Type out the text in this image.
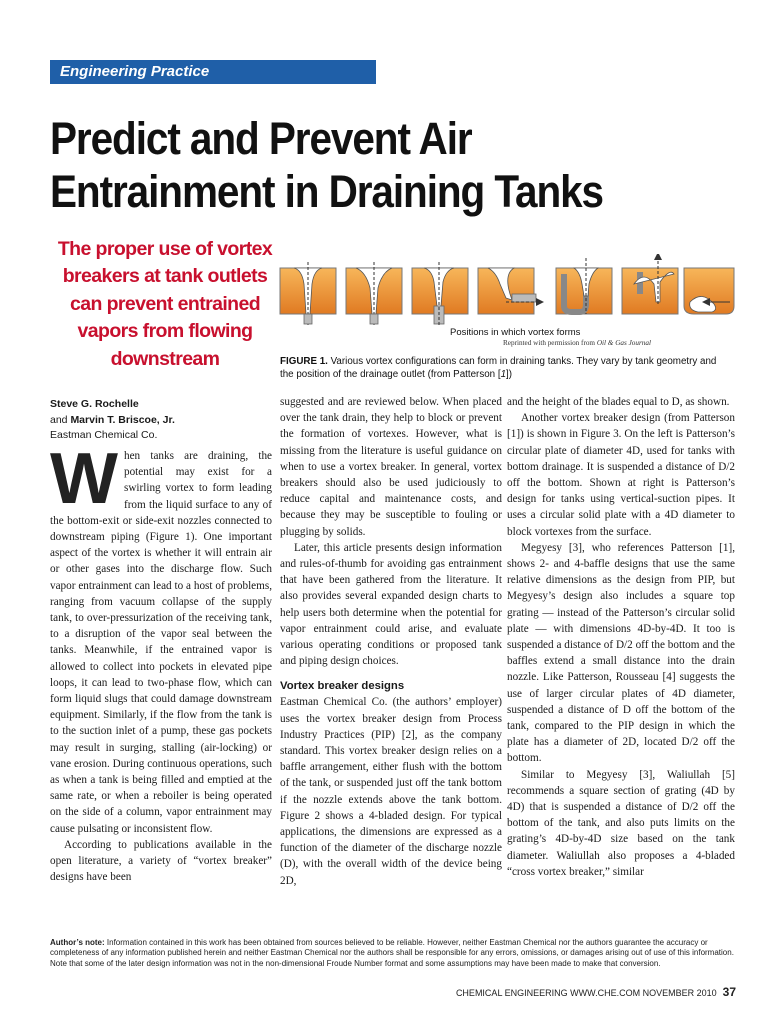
Engineering Practice
Predict and Prevent Air
Entrainment in Draining Tanks
The proper use of vortex
breakers at tank outlets
can prevent entrained
vapors from flowing
downstream
Positions in which vortex forms
Reprinted with permission from Oil & Gas Journal
FIGURE 1. Various vortex configurations can form in draining tanks. They vary by tank geometry and the position of the drainage outlet (from Patterson [1])
Steve G. Rochelle
and Marvin T. Briscoe, Jr.
Eastman Chemical Co.

When tanks are draining, the potential may exist for a swirling vortex to form leading from the liquid surface to any of the bottom-exit or side-exit nozzles connected to downstream piping (Figure 1). One important aspect of the vortex is whether it will entrain air or other gases into the discharge flow. Such vapor entrainment can lead to a host of problems, ranging from vacuum collapse of the supply tank, to over-pressurization of the receiving tank, to a disruption of the vapor seal between the tanks. Meanwhile, if the entrained vapor is allowed to collect into pockets in elevated pipe loops, it can lead to two-phase flow, which can form liquid slugs that could damage downstream equipment. Similarly, if the flow from the tank is to the suction inlet of a pump, these gas pockets may result in surging, stalling (air-locking) or vane erosion. During continuous operations, such as when a tank is being filled and emptied at the same rate, or when a reboiler is being operated on the side of a column, vapor entrainment may cause pulsating or inconsistent flow.

According to publications available in the open literature, a variety of “vortex breaker” designs have been

suggested and are reviewed below. When placed over the tank drain, they help to block or prevent the formation of vortexes. However, what is missing from the literature is useful guidance on when to use a vortex breaker. In general, vortex breakers should also be used judiciously to reduce capital and maintenance costs, and because they may be susceptible to fouling or plugging by solids.

Later, this article presents design information and rules-of-thumb for avoiding gas entrainment that have been gathered from the literature. It also provides several expanded design charts to help users both determine when the potential for vapor entrainment could arise, and evaluate various operating conditions or proposed tank and piping design choices.

Vortex breaker designs

Eastman Chemical Co. (the authors’ employer) uses the vortex breaker design from Process Industry Practices (PIP) [2], as the company standard. This vortex breaker design relies on a baffle arrangement, either flush with the bottom of the tank, or suspended just off the tank bottom if the nozzle extends above the tank bottom. Figure 2 shows a 4-bladed design. For typical applications, the dimensions are expressed as a function of the diameter of the discharge nozzle (D), with the overall width of the device being 2D,

and the height of the blades equal to D, as shown.

Another vortex breaker design (from Patterson [1]) is shown in Figure 3. On the left is Patterson’s circular plate of diameter 4D, used for tanks with bottom drainage. It is suspended a distance of D/2 off the bottom. Shown at right is Patterson’s design for tanks using vertical-suction pipes. It uses a circular solid plate with a 4D diameter to block vortexes from the surface.

Megyesy [3], who references Patterson [1], shows 2- and 4-baffle designs that use the same relative dimensions as the design from PIP, but Megyesy’s design also includes a square top grating — instead of the Patterson’s circular solid plate — with dimensions 4D-by-4D. It too is suspended a distance of D/2 off the bottom and the baffles extend a small distance into the drain nozzle. Like Patterson, Rousseau [4] suggests the use of larger circular plates of 4D diameter, suspended a distance of D off the bottom of the tank, compared to the PIP design in which the plate has a diameter of 2D, located D/2 off the bottom.

Similar to Megyesy [3], Waliullah [5] recommends a square section of grating (4D by 4D) that is suspended a distance of D/2 off the bottom of the tank, and also puts limits on the grating’s 4D-by-4D size based on the tank diameter. Waliullah also proposes a 4-bladed “cross vortex breaker,” similar

Author’s note: Information contained in this work has been obtained from sources believed to be reliable. However, neither Eastman Chemical nor the authors guarantee the accuracy or completeness of any information published herein and neither Eastman Chemical nor the authors shall be responsible for any errors, omissions, or damages arising out of use of this information. Note that some of the later design information was not in the non-dimensional Froude Number format and some assumptions may have been made to make that conversion.
CHEMICAL ENGINEERING WWW.CHE.COM NOVEMBER 2010 37
